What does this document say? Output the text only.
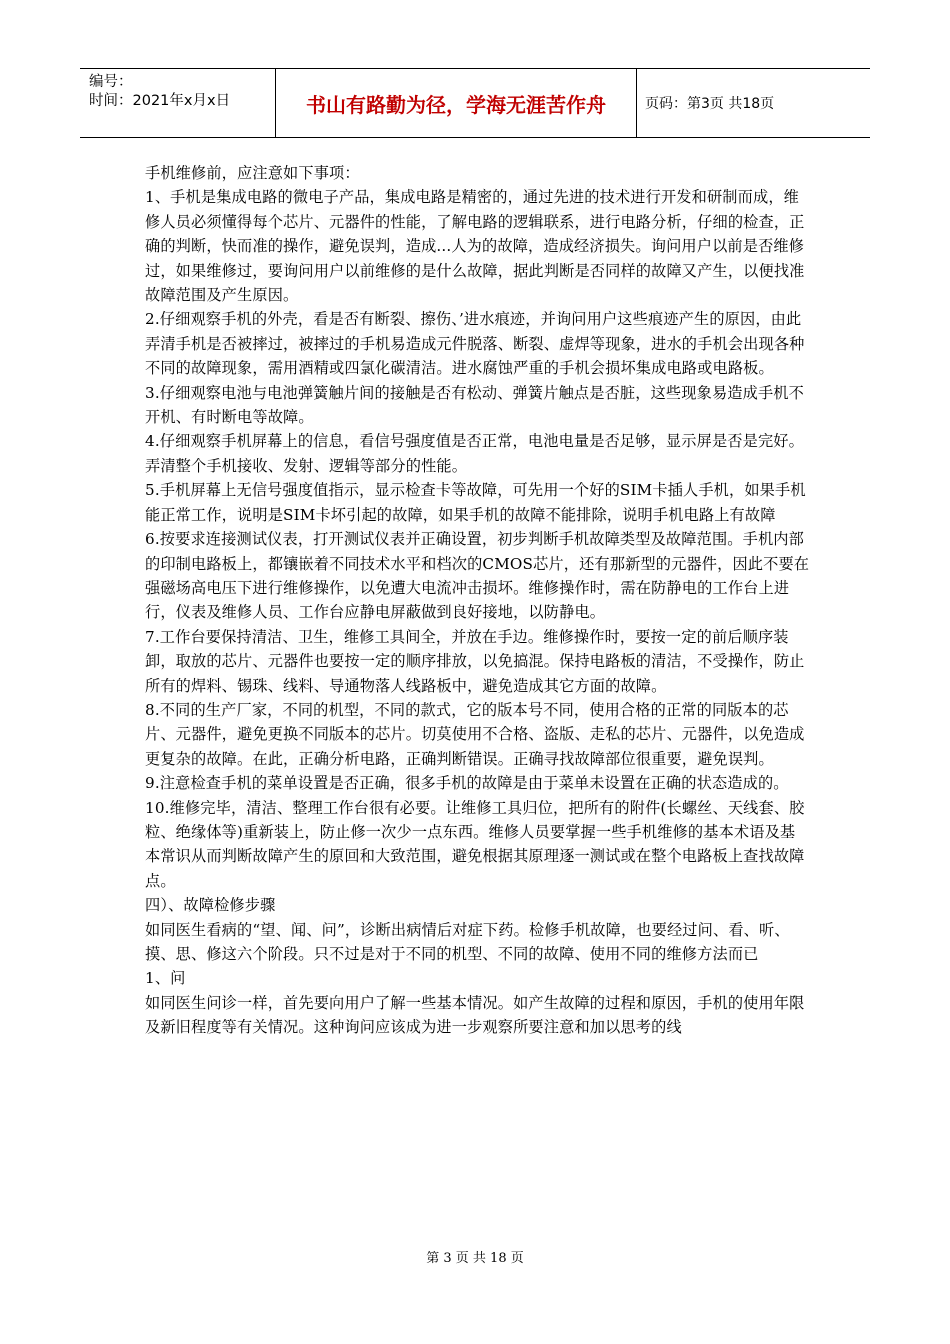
编号：
时间：2021年x月x日	书山有路勤为径，学海无涯苦作舟	页码：第3页 共18页

手机维修前，应注意如下事项：

1、手机是集成电路的微电子产品，集成电路是精密的，通过先进的技术进行开发和研制而成，维修人员必须懂得每个芯片、元器件的性能，了解电路的逻辑联系，进行电路分析，仔细的检查，正确的判断，快而准的操作，避免误判，造成...人为的故障，造成经济损失。询问用户以前是否维修过，如果维修过，要询问用户以前维修的是什么故障，据此判断是否同样的故障又产生，以便找准故障范围及产生原因。

2.仔细观察手机的外壳，看是否有断裂、擦伤、’进水痕迹，并询问用户这些痕迹产生的原因，由此弄清手机是否被摔过，被摔过的手机易造成元件脱落、断裂、虚焊等现象，进水的手机会出现各种不同的故障现象，需用酒精或四氯化碳清洁。进水腐蚀严重的手机会损坏集成电路或电路板。

3.仔细观察电池与电池弹簧触片间的接触是否有松动、弹簧片触点是否脏，这些现象易造成手机不开机、有时断电等故障。

4.仔细观察手机屏幕上的信息，看信号强度值是否正常，电池电量是否足够，显示屏是否是完好。弄清整个手机接收、发射、逻辑等部分的性能。

5.手机屏幕上无信号强度值指示，显示检查卡等故障，可先用一个好的SIM卡插人手机，如果手机能正常工作，说明是SIM卡坏引起的故障，如果手机的故障不能排除，说明手机电路上有故障

6.按要求连接测试仪表，打开测试仪表并正确设置，初步判断手机故障类型及故障范围。手机内部的印制电路板上，都镶嵌着不同技术水平和档次的CMOS芯片，还有那新型的元器件，因此不要在强磁场高电压下进行维修操作，以免遭大电流冲击损坏。维修操作时，需在防静电的工作台上进行，仪表及维修人员、工作台应静电屏蔽做到良好接地，以防静电。

7.工作台要保持清洁、卫生，维修工具间全，并放在手边。维修操作时，要按一定的前后顺序装卸，取放的芯片、元器件也要按一定的顺序排放，以免搞混。保持电路板的清洁，不受操作，防止所有的焊料、锡珠、线料、导通物落人线路板中，避免造成其它方面的故障。

8.不同的生产厂家，不同的机型，不同的款式，它的版本号不同，使用合格的正常的同版本的芯片、元器件，避免更换不同版本的芯片。切莫使用不合格、盗版、走私的芯片、元器件，以免造成更复杂的故障。在此，正确分析电路，正确判断错误。正确寻找故障部位很重要，避免误判。

9.注意检查手机的菜单设置是否正确，很多手机的故障是由于菜单未设置在正确的状态造成的。

10.维修完毕，清洁、整理工作台很有必要。让维修工具归位，把所有的附件(长螺丝、天线套、胶粒、绝缘体等)重新装上，防止修一次少一点东西。维修人员要掌握一些手机维修的基本术语及基本常识从而判断故障产生的原回和大致范围，避免根据其原理逐一测试或在整个电路板上查找故障点。

四）、故障检修步骤

如同医生看病的“望、闻、问”，诊断出病情后对症下药。检修手机故障，也要经过问、看、听、摸、思、修这六个阶段。只不过是对于不同的机型、不同的故障、使用不同的维修方法而已

1、问

如同医生问诊一样，首先要向用户了解一些基本情况。如产生故障的过程和原因，手机的使用年限及新旧程度等有关情况。这种询问应该成为进一步观察所要注意和加以思考的线

第 3 页 共 18 页
